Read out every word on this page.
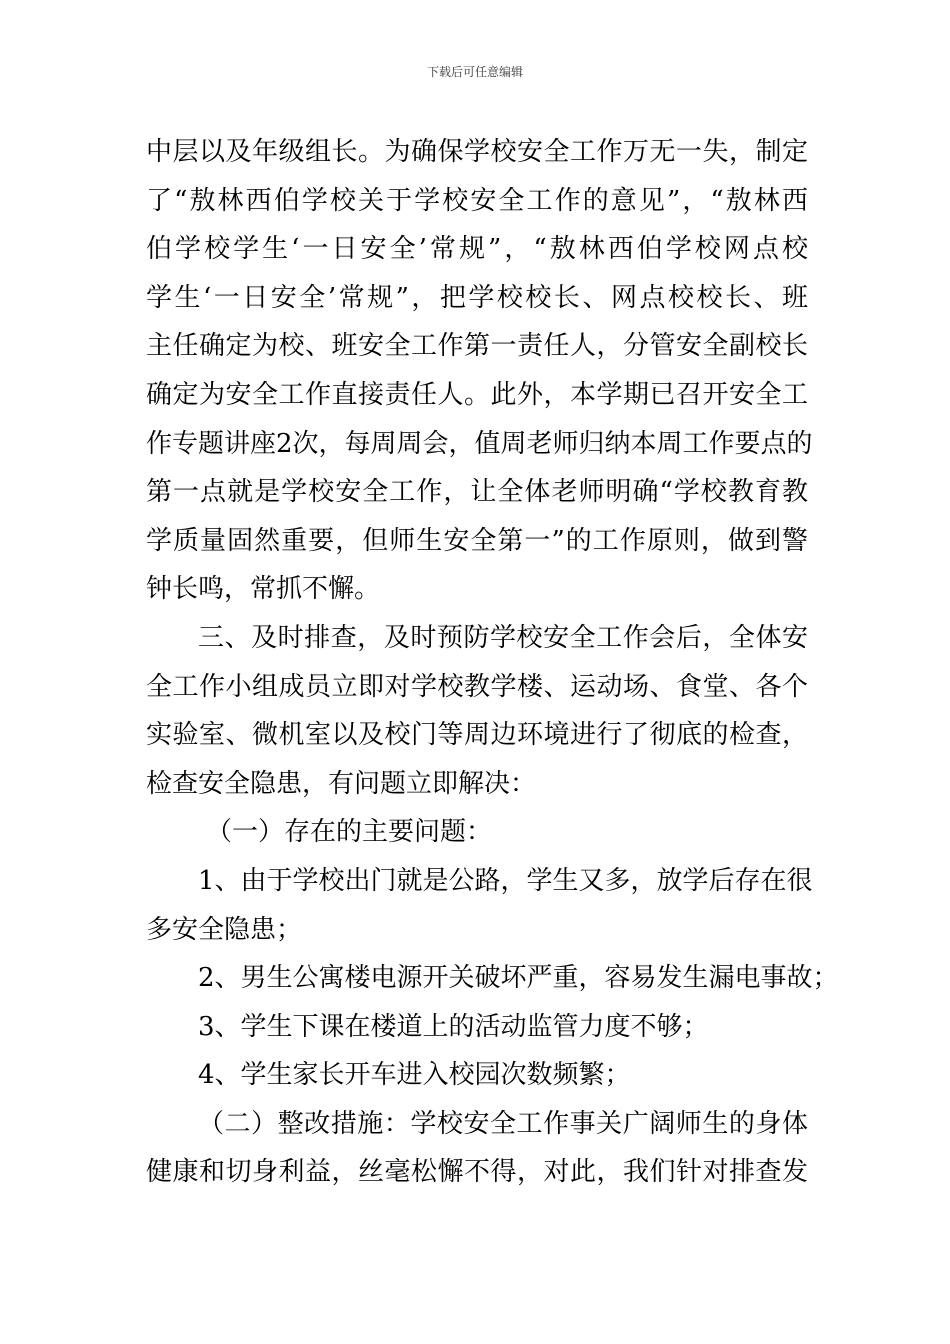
下载后可任意编辑
中层以及年级组长。为确保学校安全工作万无一失，制定
了“敖林西伯学校关于学校安全工作的意见”，“敖林西
伯学校学生‘一日安全’常规”，“敖林西伯学校网点校
学生‘一日安全’常规”，把学校校长、网点校校长、班
主任确定为校、班安全工作第一责任人，分管安全副校长
确定为安全工作直接责任人。此外，本学期已召开安全工
作专题讲座2次，每周周会，值周老师归纳本周工作要点的
第一点就是学校安全工作，让全体老师明确“学校教育教
学质量固然重要，但师生安全第一”的工作原则，做到警
钟长鸣，常抓不懈。
三、及时排查，及时预防学校安全工作会后，全体安
全工作小组成员立即对学校教学楼、运动场、食堂、各个
实验室、微机室以及校门等周边环境进行了彻底的检查，
检查安全隐患，有问题立即解决：
（一）存在的主要问题：
1、由于学校出门就是公路，学生又多，放学后存在很
多安全隐患；
2、男生公寓楼电源开关破坏严重，容易发生漏电事故；
3、学生下课在楼道上的活动监管力度不够；
4、学生家长开车进入校园次数频繁；
（二）整改措施：学校安全工作事关广阔师生的身体
健康和切身利益，丝毫松懈不得，对此，我们针对排查发
